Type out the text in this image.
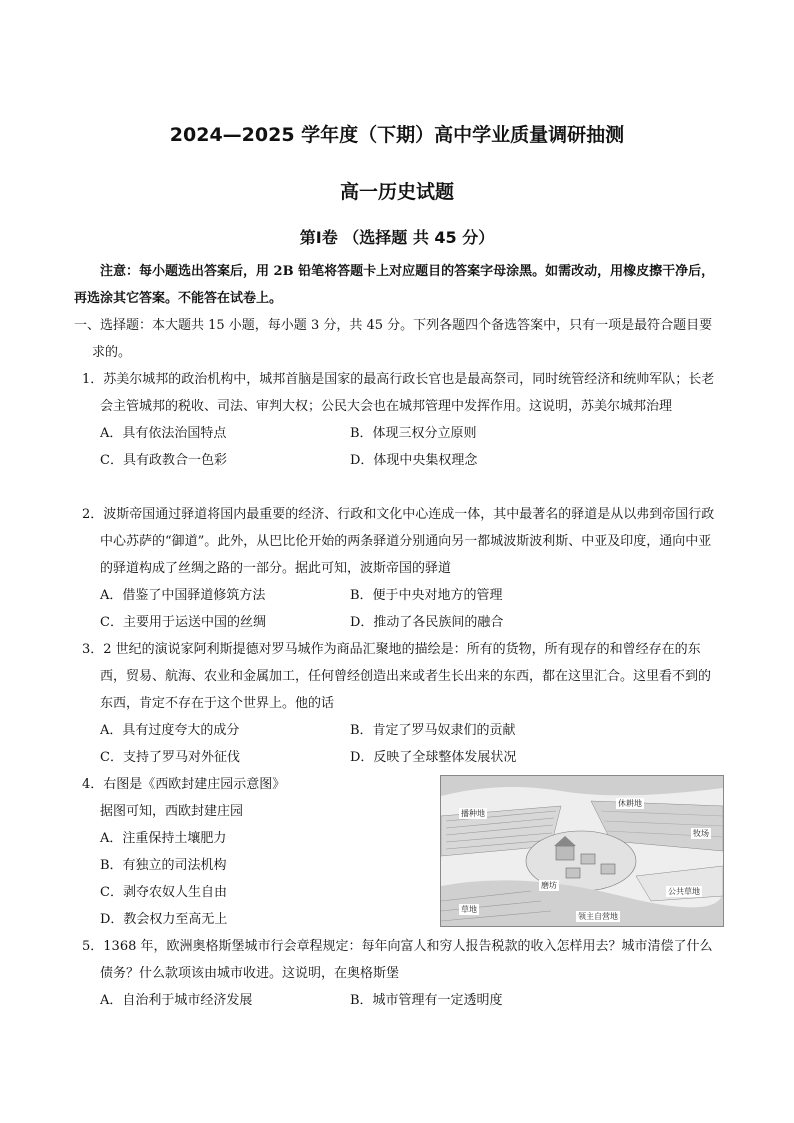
2024—2025 学年度（下期）高中学业质量调研抽测
高一历史试题
第Ⅰ卷 （选择题 共 45 分）
注意：每小题选出答案后，用 2B 铅笔将答题卡上对应题目的答案字母涂黑。如需改动，用橡皮擦干净后，再选涂其它答案。不能答在试卷上。
一、选择题：本大题共 15 小题，每小题 3 分，共 45 分。下列各题四个备选答案中，只有一项是最符合题目要求的。
1．苏美尔城邦的政治机构中，城邦首脑是国家的最高行政长官也是最高祭司，同时统管经济和统帅军队；长老会主管城邦的税收、司法、审判大权；公民大会也在城邦管理中发挥作用。这说明，苏美尔城邦治理
A．具有依法治国特点	B．体现三权分立原则
C．具有政教合一色彩	D．体现中央集权理念
2．波斯帝国通过驿道将国内最重要的经济、行政和文化中心连成一体，其中最著名的驿道是从以弗到帝国行政中心苏萨的“御道”。此外，从巴比伦开始的两条驿道分别通向另一都城波斯波利斯、中亚及印度，通向中亚的驿道构成了丝绸之路的一部分。据此可知，波斯帝国的驿道
A．借鉴了中国驿道修筑方法	B．便于中央对地方的管理
C．主要用于运送中国的丝绸	D．推动了各民族间的融合
3．2 世纪的演说家阿利斯提德对罗马城作为商品汇聚地的描绘是：所有的货物，所有现存的和曾经存在的东西，贸易、航海、农业和金属加工，任何曾经创造出来或者生长出来的东西，都在这里汇合。这里看不到的东西，肯定不存在于这个世界上。他的话
A．具有过度夸大的成分	B．肯定了罗马奴隶们的贡献
C．支持了罗马对外征伐	D．反映了全球整体发展状况
4．右图是《西欧封建庄园示意图》
据图可知，西欧封建庄园
A．注重保持土壤肥力
B．有独立的司法机构
C．剥夺农奴人生自由
D．教会权力至高无上
播种地
休耕地
牧场
草地
磨坊
公共草地
领主自营地
5．1368 年，欧洲奥格斯堡城市行会章程规定：每年向富人和穷人报告税款的收入怎样用去？城市清偿了什么债务？什么款项该由城市收进。这说明，在奥格斯堡
A．自治利于城市经济发展	B．城市管理有一定透明度
